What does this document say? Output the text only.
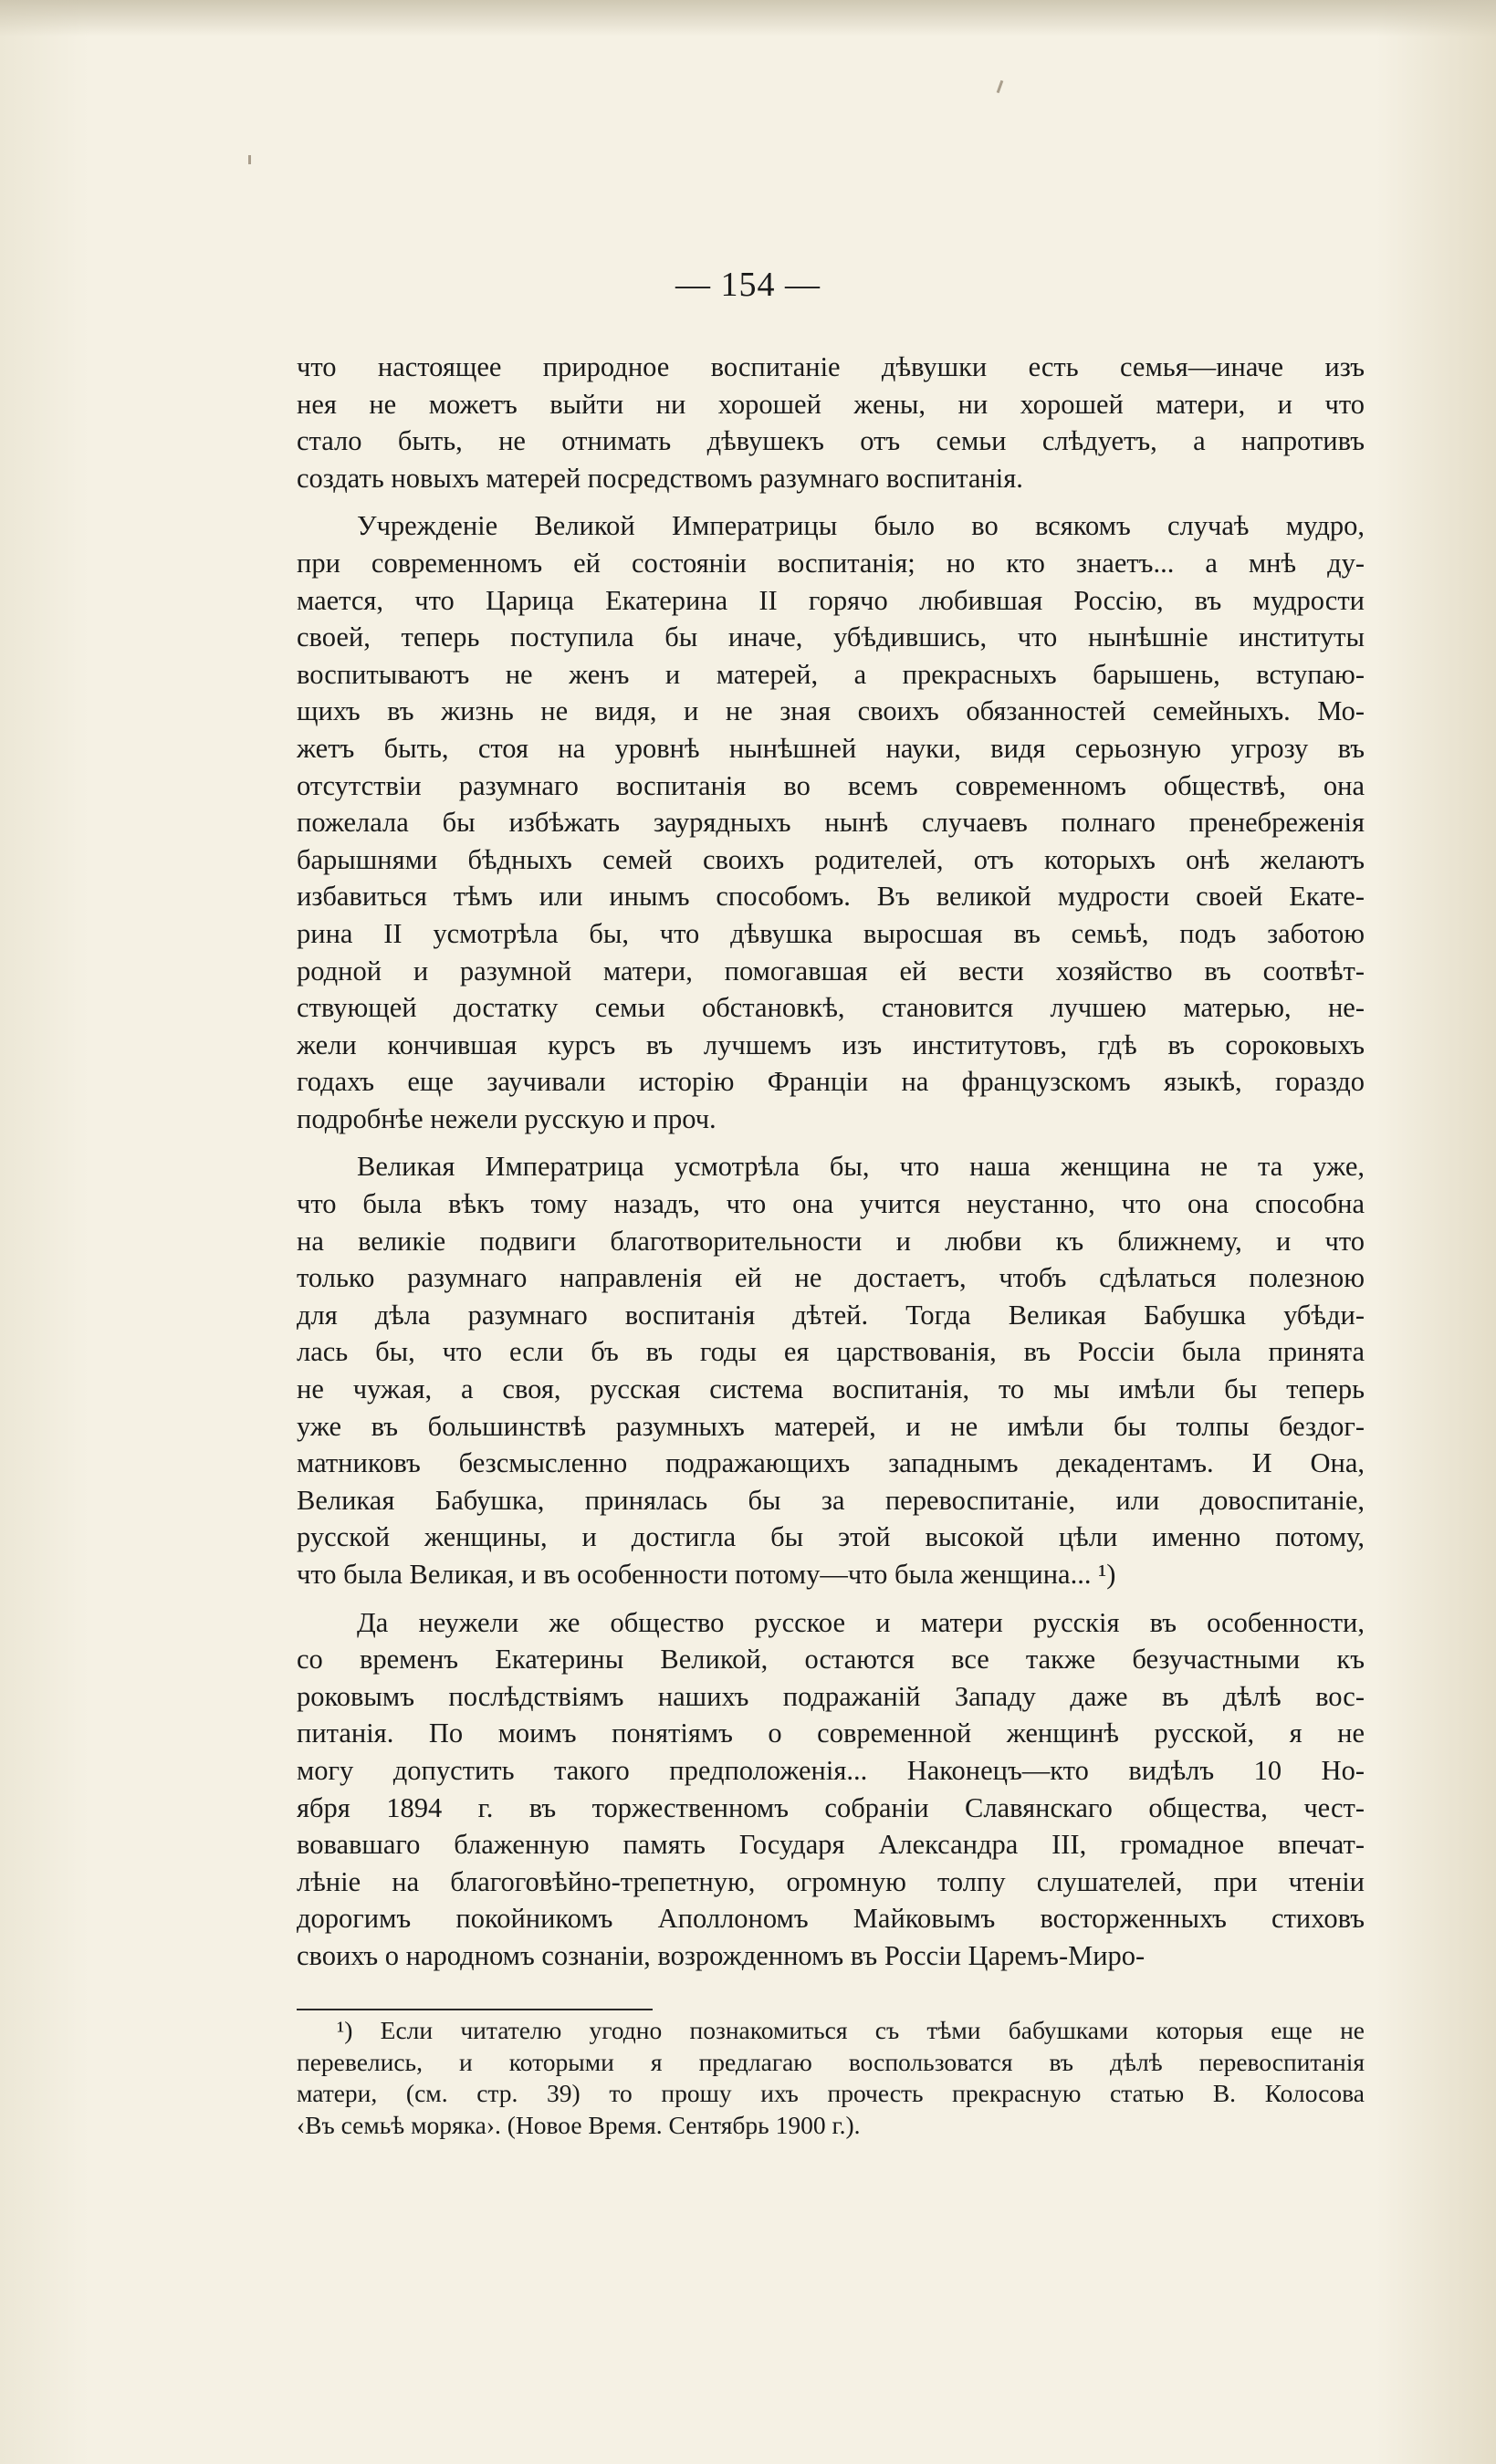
— 154 —
что настоящее природное воспитаніе дѣвушки есть семья—иначе изъ
нея не можетъ выйти ни хорошей жены, ни хорошей матери, и что
стало быть, не отнимать дѣвушекъ отъ семьи слѣдуетъ, а напротивъ
создать новыхъ матерей посредствомъ разумнаго воспитанія.
Учрежденіе Великой Императрицы было во всякомъ случаѣ мудро,
при современномъ ей состояніи воспитанія; но кто знаетъ... а мнѣ ду-
мается, что Царица Екатерина II горячо любившая Россію, въ мудрости
своей, теперь поступила бы иначе, убѣдившись, что нынѣшніе институты
воспитываютъ не женъ и матерей, а прекрасныхъ барышень, вступаю-
щихъ въ жизнь не видя, и не зная своихъ обязанностей семейныхъ. Мо-
жетъ быть, стоя на уровнѣ нынѣшней науки, видя серьозную угрозу въ
отсутствіи разумнаго воспитанія во всемъ современномъ обществѣ, она
пожелала бы избѣжать заурядныхъ нынѣ случаевъ полнаго пренебреженія
барышнями бѣдныхъ семей своихъ родителей, отъ которыхъ онѣ желаютъ
избавиться тѣмъ или инымъ способомъ. Въ великой мудрости своей Екате-
рина II усмотрѣла бы, что дѣвушка выросшая въ семьѣ, подъ заботою
родной и разумной матери, помогавшая ей вести хозяйство въ соотвѣт-
ствующей достатку семьи обстановкѣ, становится лучшею матерью, не-
жели кончившая курсъ въ лучшемъ изъ институтовъ, гдѣ въ сороковыхъ
годахъ еще заучивали исторію Франціи на французскомъ языкѣ, гораздо
подробнѣе нежели русскую и проч.
Великая Императрица усмотрѣла бы, что наша женщина не та уже,
что была вѣкъ тому назадъ, что она учится неустанно, что она способна
на великіе подвиги благотворительности и любви къ ближнему, и что
только разумнаго направленія ей не достаетъ, чтобъ сдѣлаться полезною
для дѣла разумнаго воспитанія дѣтей. Тогда Великая Бабушка убѣди-
лась бы, что если бъ въ годы ея царствованія, въ Россіи была принята
не чужая, а своя, русская система воспитанія, то мы имѣли бы теперь
уже въ большинствѣ разумныхъ матерей, и не имѣли бы толпы бездог-
матниковъ безсмысленно подражающихъ западнымъ декадентамъ. И Она,
Великая Бабушка, принялась бы за перевоспитаніе, или довоспитаніе,
русской женщины, и достигла бы этой высокой цѣли именно потому,
что была Великая, и въ особенности потому—что была женщина... ¹)
Да неужели же общество русское и матери русскія въ особенности,
со временъ Екатерины Великой, остаются все также безучастными къ
роковымъ послѣдствіямъ нашихъ подражаній Западу даже въ дѣлѣ вос-
питанія. По моимъ понятіямъ о современной женщинѣ русской, я не
могу допустить такого предположенія... Наконецъ—кто видѣлъ 10 Но-
ября 1894 г. въ торжественномъ собраніи Славянскаго общества, чест-
вовавшаго блаженную память Государя Александра III, громадное впечат-
лѣніе на благоговѣйно-трепетную, огромную толпу слушателей, при чтеніи
дорогимъ покойникомъ Аполлономъ Майковымъ восторженныхъ стиховъ
своихъ о народномъ сознаніи, возрожденномъ въ Россіи Царемъ-Миро-
¹) Если читателю угодно познакомиться съ тѣми бабушками которыя еще не
перевелись, и которыми я предлагаю воспользоватся въ дѣлѣ перевоспитанія
матери, (см. стр. 39) то прошу ихъ прочесть прекрасную статью В. Колосова
‹Въ семьѣ моряка›. (Новое Время. Сентябрь 1900 г.).
